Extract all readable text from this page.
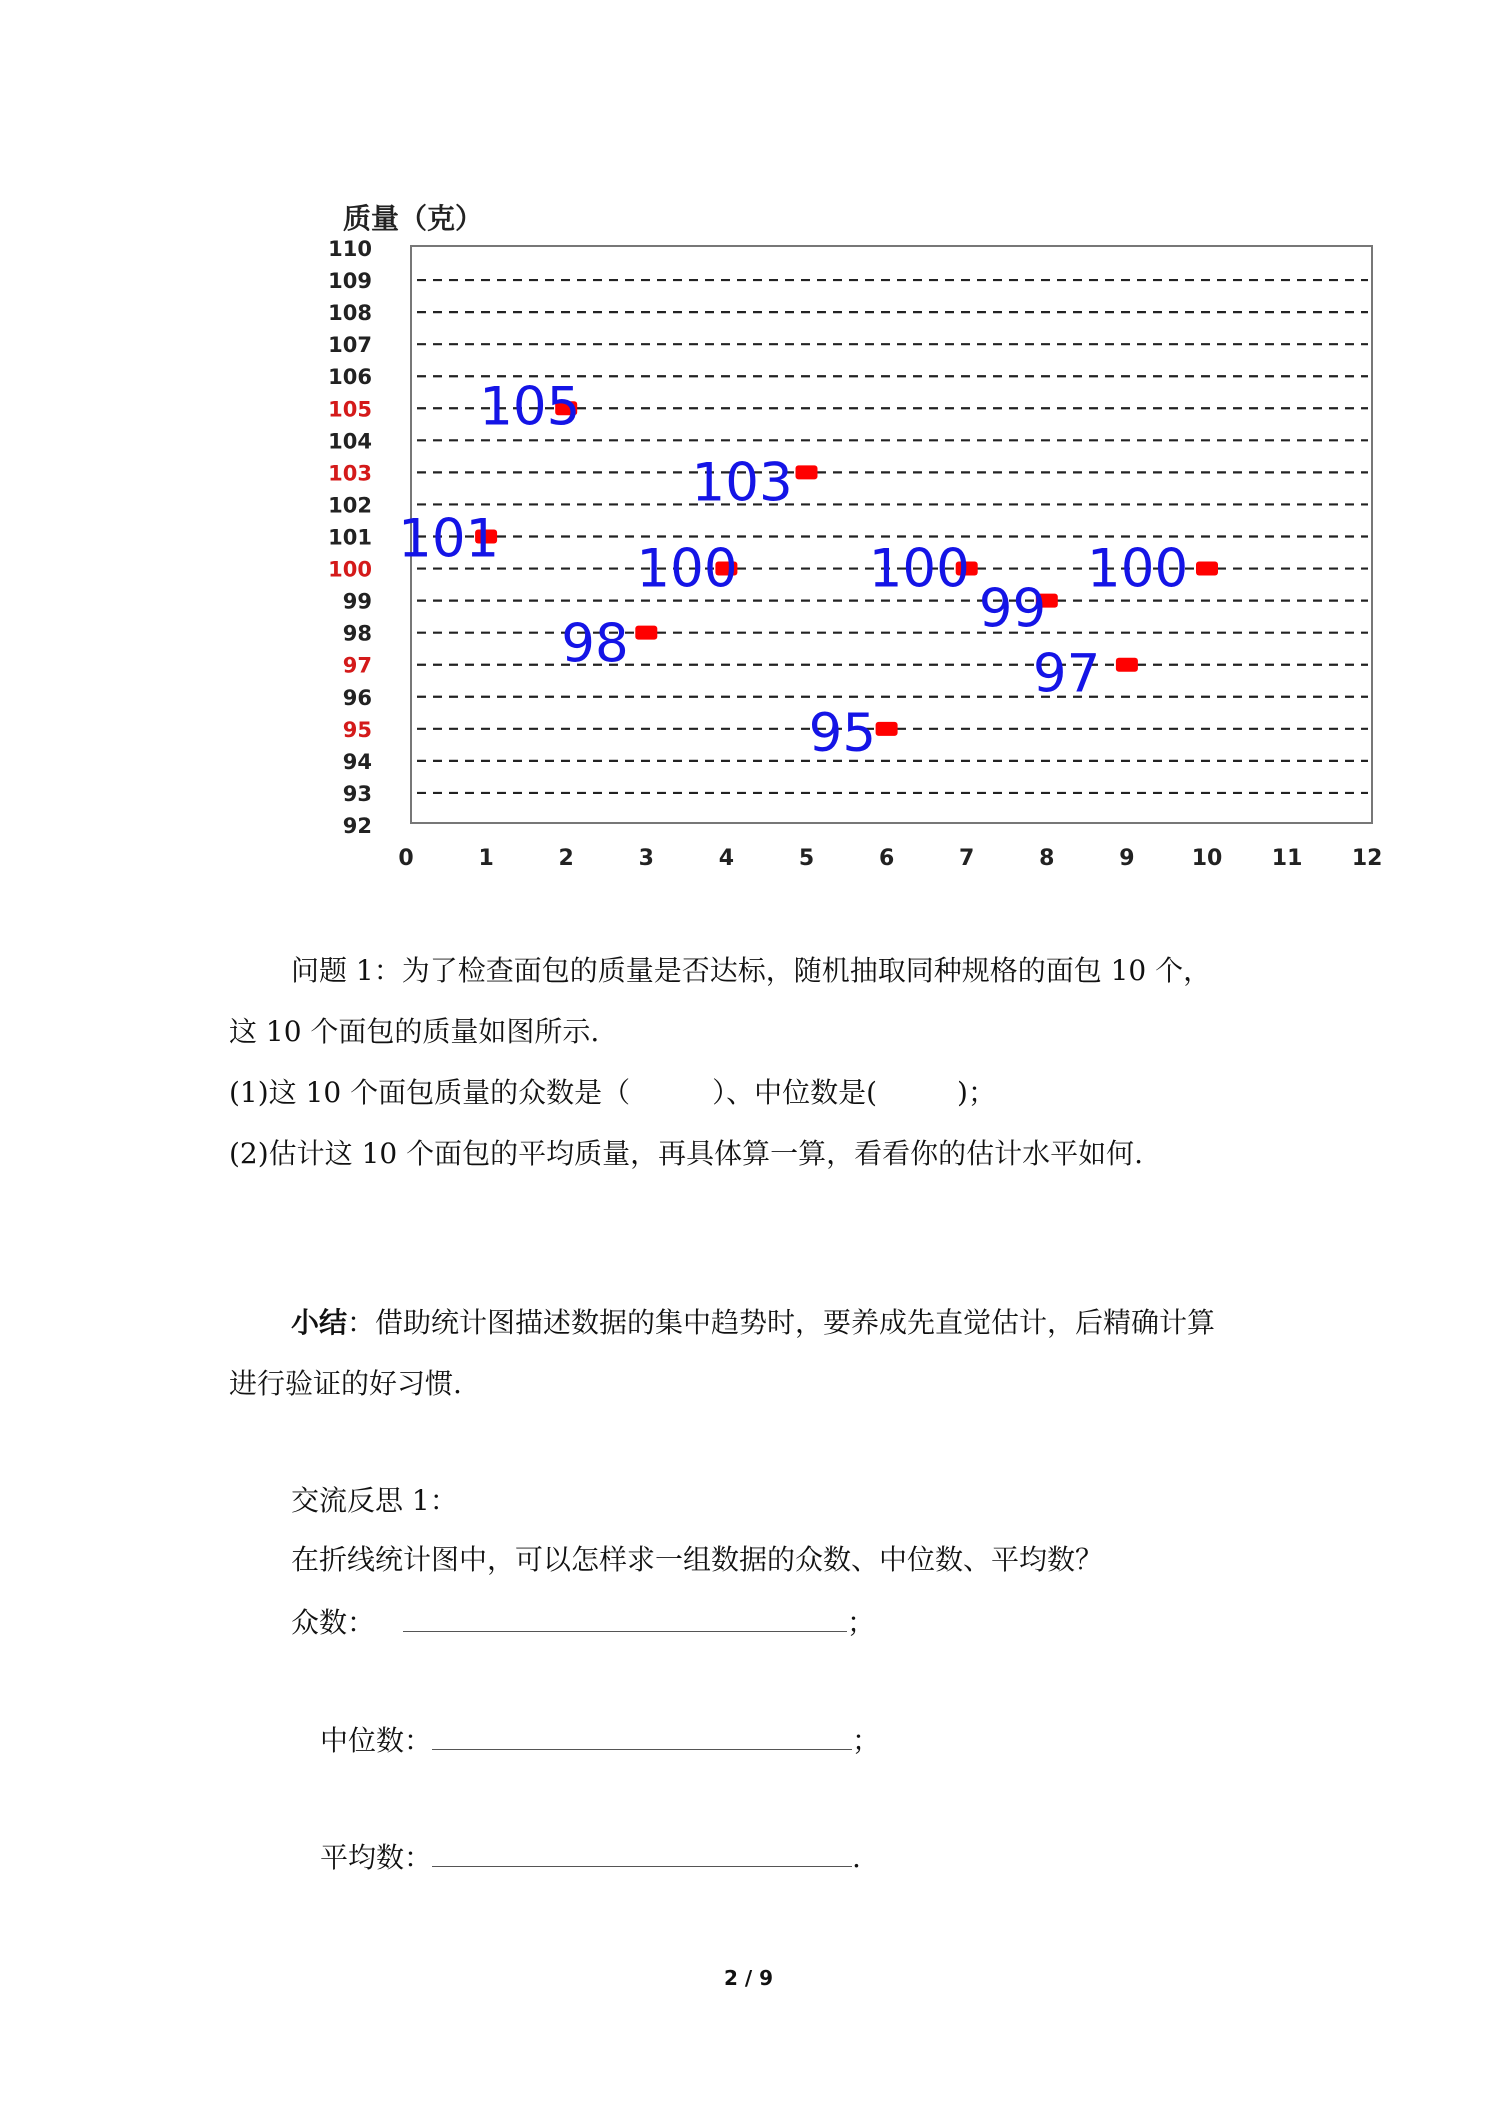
110
109
108
107
106
105
104
103
102
101
100
99
98
97
96
95
94
93
92
0	1	2	3	4	5	6	7	8	9	10 11 12
质量（克）
101
105
98
100
103
95
100
99
97
100
问题 1：为了检查面包的质量是否达标，随机抽取同种规格的面包 10 个，
这 10 个面包的质量如图所示.
(1)这 10 个面包质量的众数是（	）、中位数是(	)；
(2)估计这 10 个面包的平均质量，再具体算一算，看看你的估计水平如何.
小结：借助统计图描述数据的集中趋势时，要养成先直觉估计，后精确计算
进行验证的好习惯.
交流反思 1：
在折线统计图中，可以怎样求一组数据的众数、中位数、平均数？
众数：	；
中位数：	；
平均数：	.
2 / 9
